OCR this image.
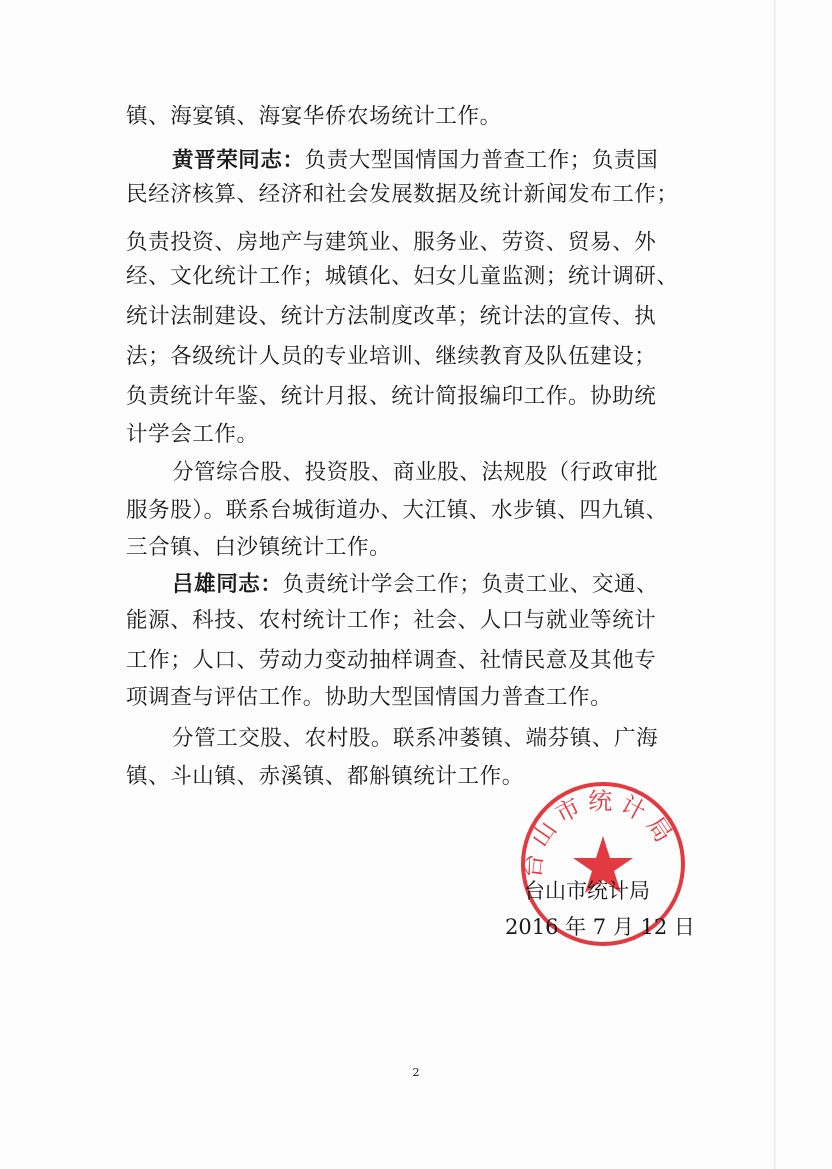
镇、海宴镇、海宴华侨农场统计工作。
黄晋荣同志：负责大型国情国力普查工作；负责国
民经济核算、经济和社会发展数据及统计新闻发布工作；
负责投资、房地产与建筑业、服务业、劳资、贸易、外
经、文化统计工作；城镇化、妇女儿童监测；统计调研、
统计法制建设、统计方法制度改革；统计法的宣传、执
法；各级统计人员的专业培训、继续教育及队伍建设；
负责统计年鉴、统计月报、统计简报编印工作。协助统
计学会工作。
分管综合股、投资股、商业股、法规股（行政审批
服务股）。联系台城街道办、大江镇、水步镇、四九镇、
三合镇、白沙镇统计工作。
吕雄同志：负责统计学会工作；负责工业、交通、
能源、科技、农村统计工作；社会、人口与就业等统计
工作；人口、劳动力变动抽样调查、社情民意及其他专
项调查与评估工作。协助大型国情国力普查工作。
分管工交股、农村股。联系冲蒌镇、端芬镇、广海
镇、斗山镇、赤溪镇、都斛镇统计工作。
台山市统计局
台山市统计局
2016 年 7 月 12 日
2
